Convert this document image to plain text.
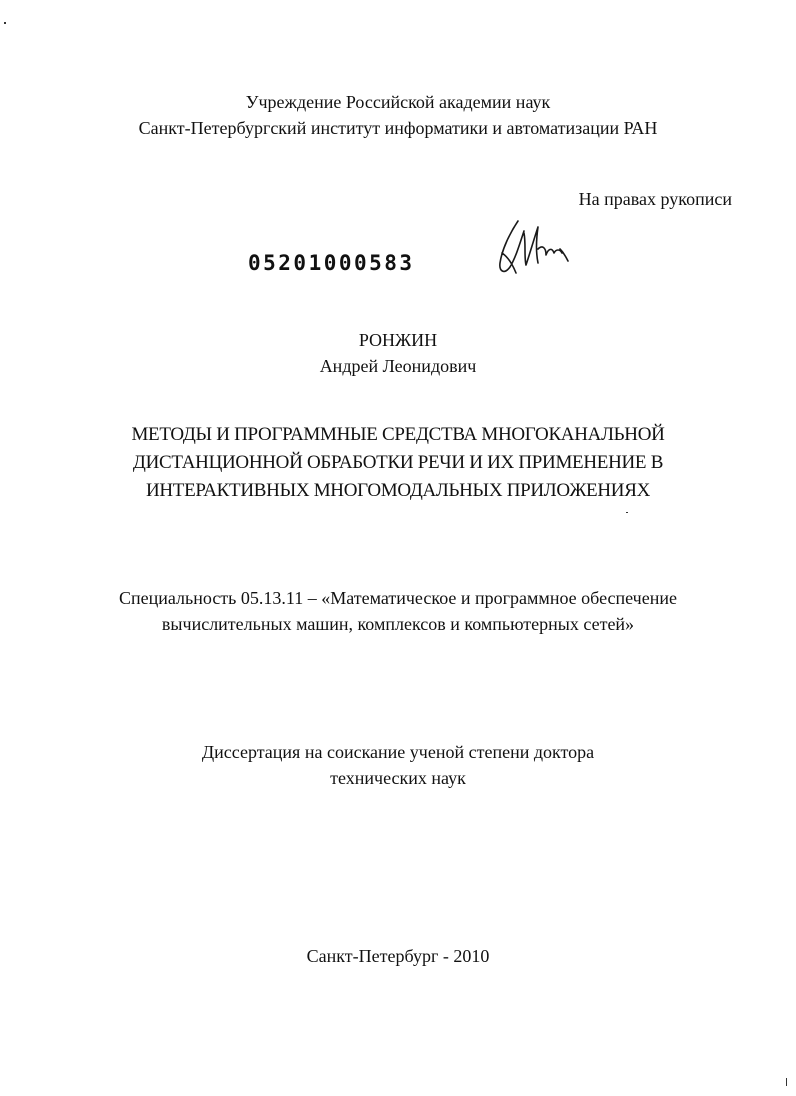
Учреждение Российской академии наук
Санкт-Петербургский институт информатики и автоматизации РАН
На правах рукописи
05201000583
РОНЖИН
Андрей Леонидович
МЕТОДЫ И ПРОГРАММНЫЕ СРЕДСТВА МНОГОКАНАЛЬНОЙ
ДИСТАНЦИОННОЙ ОБРАБОТКИ РЕЧИ И ИХ ПРИМЕНЕНИЕ В
ИНТЕРАКТИВНЫХ МНОГОМОДАЛЬНЫХ ПРИЛОЖЕНИЯХ
Специальность 05.13.11 – «Математическое и программное обеспечение
вычислительных машин, комплексов и компьютерных сетей»
Диссертация на соискание ученой степени доктора
технических наук
Санкт-Петербург - 2010
